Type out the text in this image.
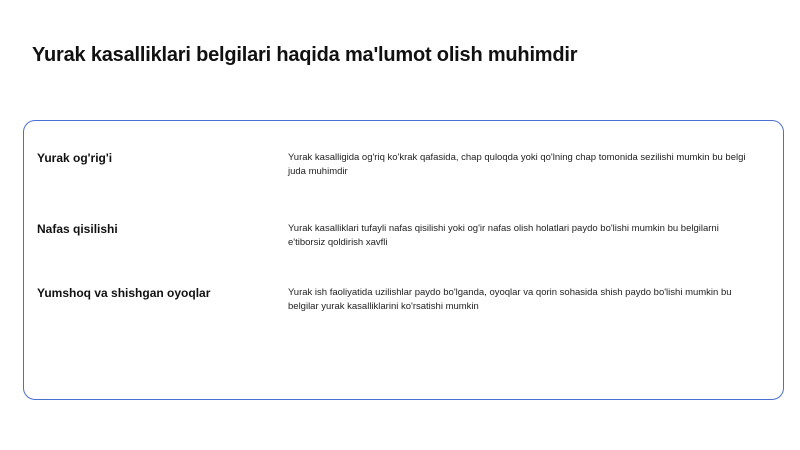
Yurak kasalliklari belgilari haqida ma'lumot olish muhimdir
Yurak og'rig'i	Yurak kasalligida og'riq ko'krak qafasida, chap quloqda yoki qo'lning chap tomonida sezilishi mumkin bu belgi juda muhimdir
Nafas qisilishi	Yurak kasalliklari tufayli nafas qisilishi yoki og'ir nafas olish holatlari paydo bo'lishi mumkin bu belgilarni e'tiborsiz qoldirish xavfli
Yumshoq va shishgan oyoqlar	Yurak ish faoliyatida uzilishlar paydo bo'lganda, oyoqlar va qorin sohasida shish paydo bo'lishi mumkin bu belgilar yurak kasalliklarini ko'rsatishi mumkin
